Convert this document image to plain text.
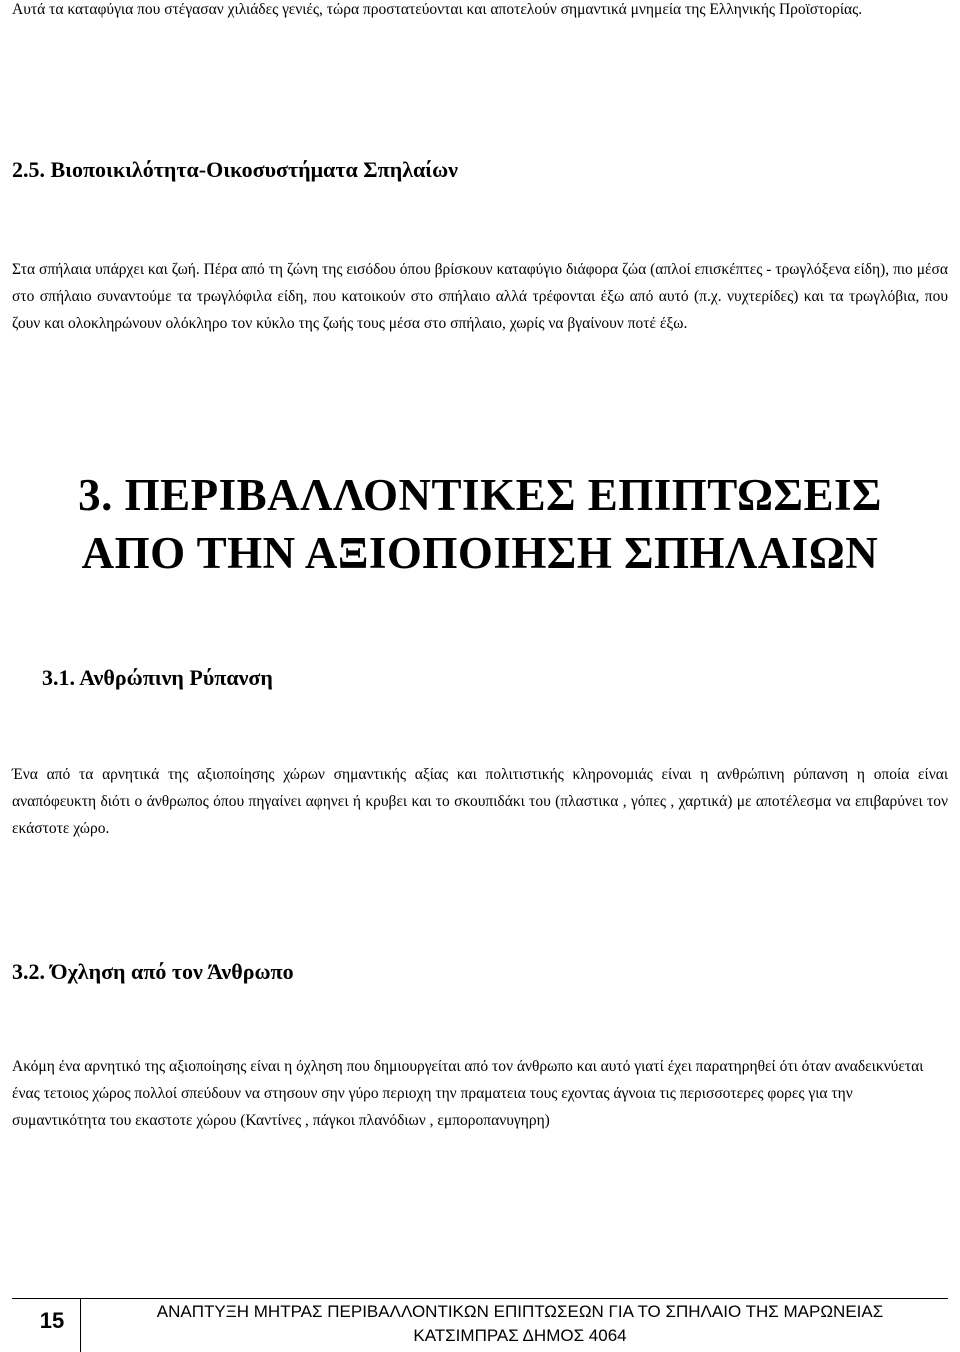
Αυτά τα καταφύγια που στέγασαν χιλιάδες γενιές, τώρα προστατεύονται και αποτελούν σημαντικά μνημεία της Ελληνικής Προϊστορίας.

2.5. Βιοποικιλότητα-Οικοσυστήματα Σπηλαίων

Στα σπήλαια υπάρχει και ζωή. Πέρα από τη ζώνη της εισόδου όπου βρίσκουν καταφύγιο διάφορα ζώα (απλοί επισκέπτες - τρωγλόξενα είδη), πιο μέσα στο σπήλαιο συναντούμε τα τρωγλόφιλα είδη, που κατοικούν στο σπήλαιο αλλά τρέφονται έξω από αυτό (π.χ. νυχτερίδες) και τα τρωγλόβια, που ζουν και ολοκληρώνουν ολόκληρο τον κύκλο της ζωής τους μέσα στο σπήλαιο, χωρίς να βγαίνουν ποτέ έξω.

3. ΠΕΡΙΒΑΛΛΟΝΤΙΚΕΣ ΕΠΙΠΤΩΣΕΙΣ
ΑΠΟ ΤΗΝ ΑΞΙΟΠΟΙΗΣΗ ΣΠΗΛΑΙΩΝ
3.1. Ανθρώπινη Ρύπανση

Ένα από τα αρνητικά της αξιοποίησης χώρων σημαντικής αξίας και πολιτιστικής κληρονομιάς είναι η ανθρώπινη ρύπανση η οποία είναι αναπόφευκτη διότι ο άνθρωπος όπου πηγαίνει αφηνει ή κρυβει και το σκουπιδάκι του (πλαστικα , γόπες , χαρτικά) με αποτέλεσμα να επιβαρύνει τον εκάστοτε χώρο.

3.2. Όχληση από τον Άνθρωπο

Ακόμη ένα αρνητικό της αξιοποίησης είναι η όχληση που δημιουργείται από τον άνθρωπο και αυτό γιατί έχει παρατηρηθεί ότι όταν αναδεικνύεται ένας τετοιος χώρος πολλοί σπεύδουν να στησουν σην γύρο περιοχη την πραματεια τους εχοντας άγνοια τις περισσοτερες φορες για την συμαντικότητα του εκαστοτε χώρου (Καντίνες , πάγκοι πλανόδιων , εμποροπανυγηρη)

15	ΑΝΑΠΤΥΞΗ ΜΗΤΡΑΣ ΠΕΡΙΒΑΛΛΟΝΤΙΚΩΝ ΕΠΙΠΤΩΣΕΩΝ ΓΙΑ ΤΟ ΣΠΗΛΑΙΟ ΤΗΣ ΜΑΡΩΝΕΙΑΣ
ΚΑΤΣΙΜΠΡΑΣ ΔΗΜΟΣ 4064
